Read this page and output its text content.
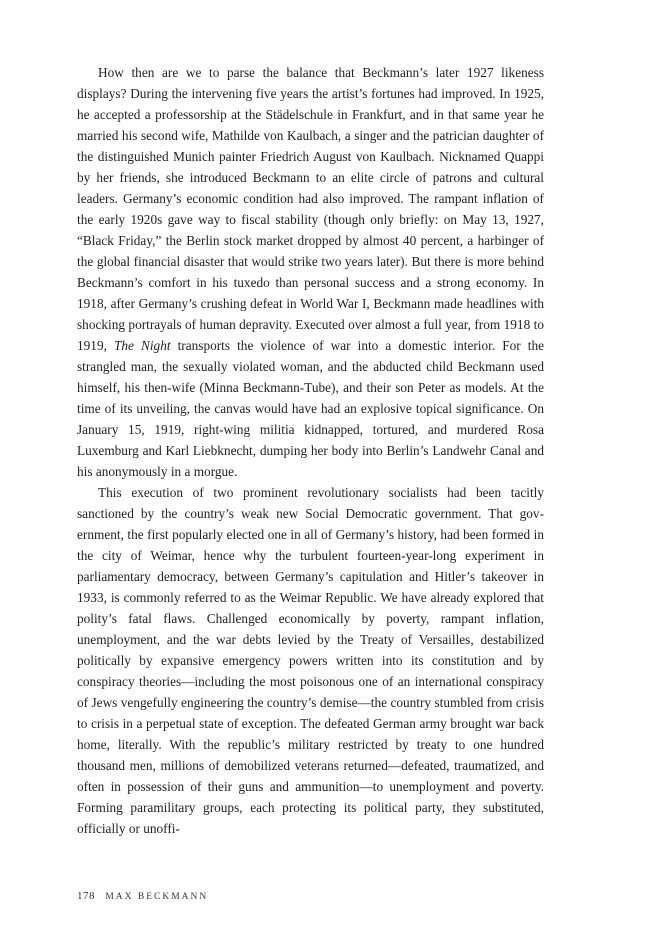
How then are we to parse the balance that Beckmann’s later 1927 likeness displays? During the intervening five years the artist’s fortunes had improved. In 1925, he accepted a professorship at the Städelschule in Frankfurt, and in that same year he married his second wife, Mathilde von Kaulbach, a singer and the patrician daughter of the distinguished Munich painter Friedrich August von Kaulbach. Nicknamed Quappi by her friends, she introduced Beckmann to an elite circle of patrons and cultural leaders. Germany’s economic condition had also improved. The rampant inflation of the early 1920s gave way to fiscal stability (though only briefly: on May 13, 1927, “Black Friday,” the Berlin stock market dropped by almost 40 percent, a harbinger of the global financial disaster that would strike two years later). But there is more behind Beckmann’s comfort in his tuxedo than personal success and a strong economy. In 1918, after Germany’s crushing defeat in World War I, Beckmann made headlines with shocking portrayals of human depravity. Executed over almost a full year, from 1918 to 1919, The Night transports the violence of war into a domestic interior. For the strangled man, the sexually violated woman, and the abducted child Beckmann used himself, his then-wife (Minna Beckmann-Tube), and their son Peter as models. At the time of its unveiling, the canvas would have had an explosive topical significance. On January 15, 1919, right-wing militia kidnapped, tortured, and murdered Rosa Luxemburg and Karl Liebknecht, dumping her body into Berlin’s Landwehr Canal and his anonymously in a morgue.

This execution of two prominent revolutionary socialists had been tacitly sanctioned by the country’s weak new Social Democratic government. That government, the first popularly elected one in all of Germany’s history, had been formed in the city of Weimar, hence why the turbulent fourteen-year-long experiment in parliamentary democracy, between Germany’s capitulation and Hitler’s takeover in 1933, is commonly referred to as the Weimar Republic. We have already explored that polity’s fatal flaws. Challenged economically by poverty, rampant inflation, unemployment, and the war debts levied by the Treaty of Versailles, destabilized politically by expansive emergency powers written into its constitution and by conspiracy theories—including the most poisonous one of an international conspiracy of Jews vengefully engineering the country’s demise—the country stumbled from crisis to crisis in a perpetual state of exception. The defeated German army brought war back home, literally. With the republic’s military restricted by treaty to one hundred thousand men, millions of demobilized veterans returned—defeated, traumatized, and often in possession of their guns and ammunition—to unemployment and poverty. Forming paramilitary groups, each protecting its political party, they substituted, officially or unoffi-

178 MAX BECKMANN
